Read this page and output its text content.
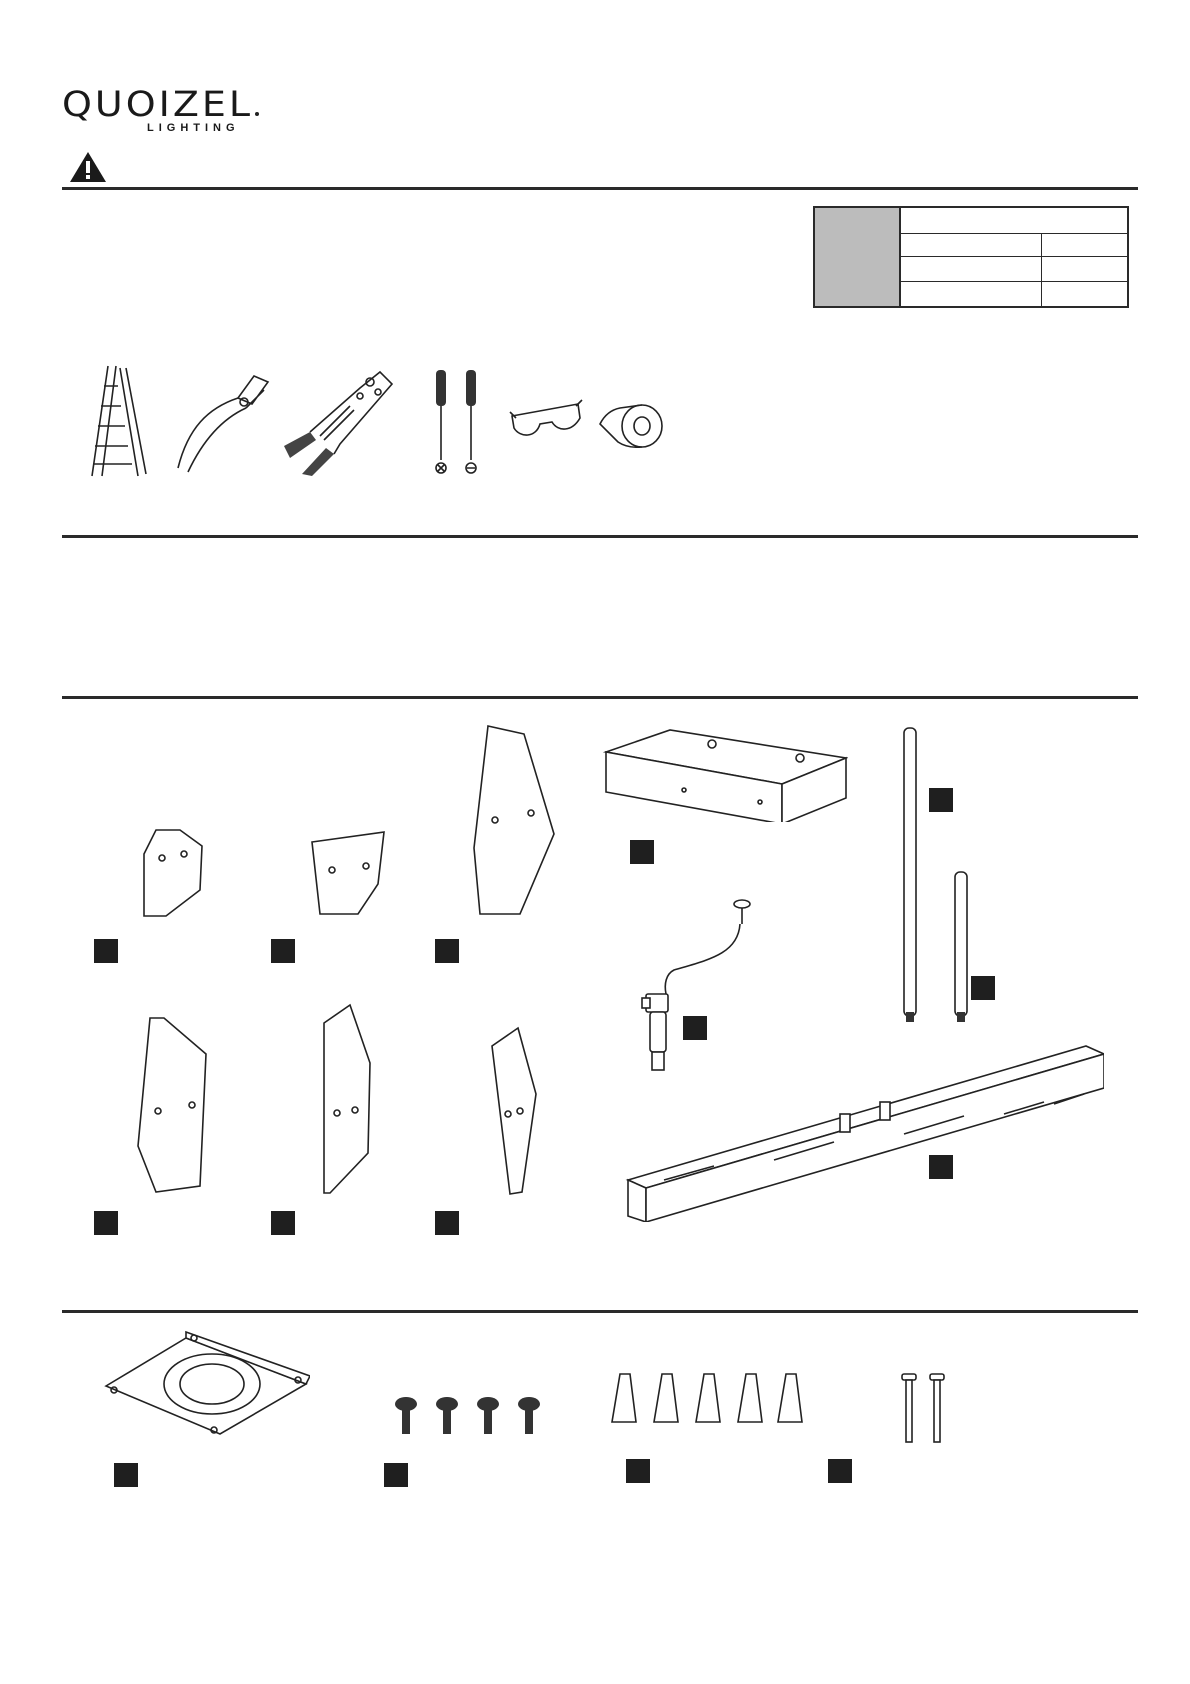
QUOIZEL
LIGHTING
